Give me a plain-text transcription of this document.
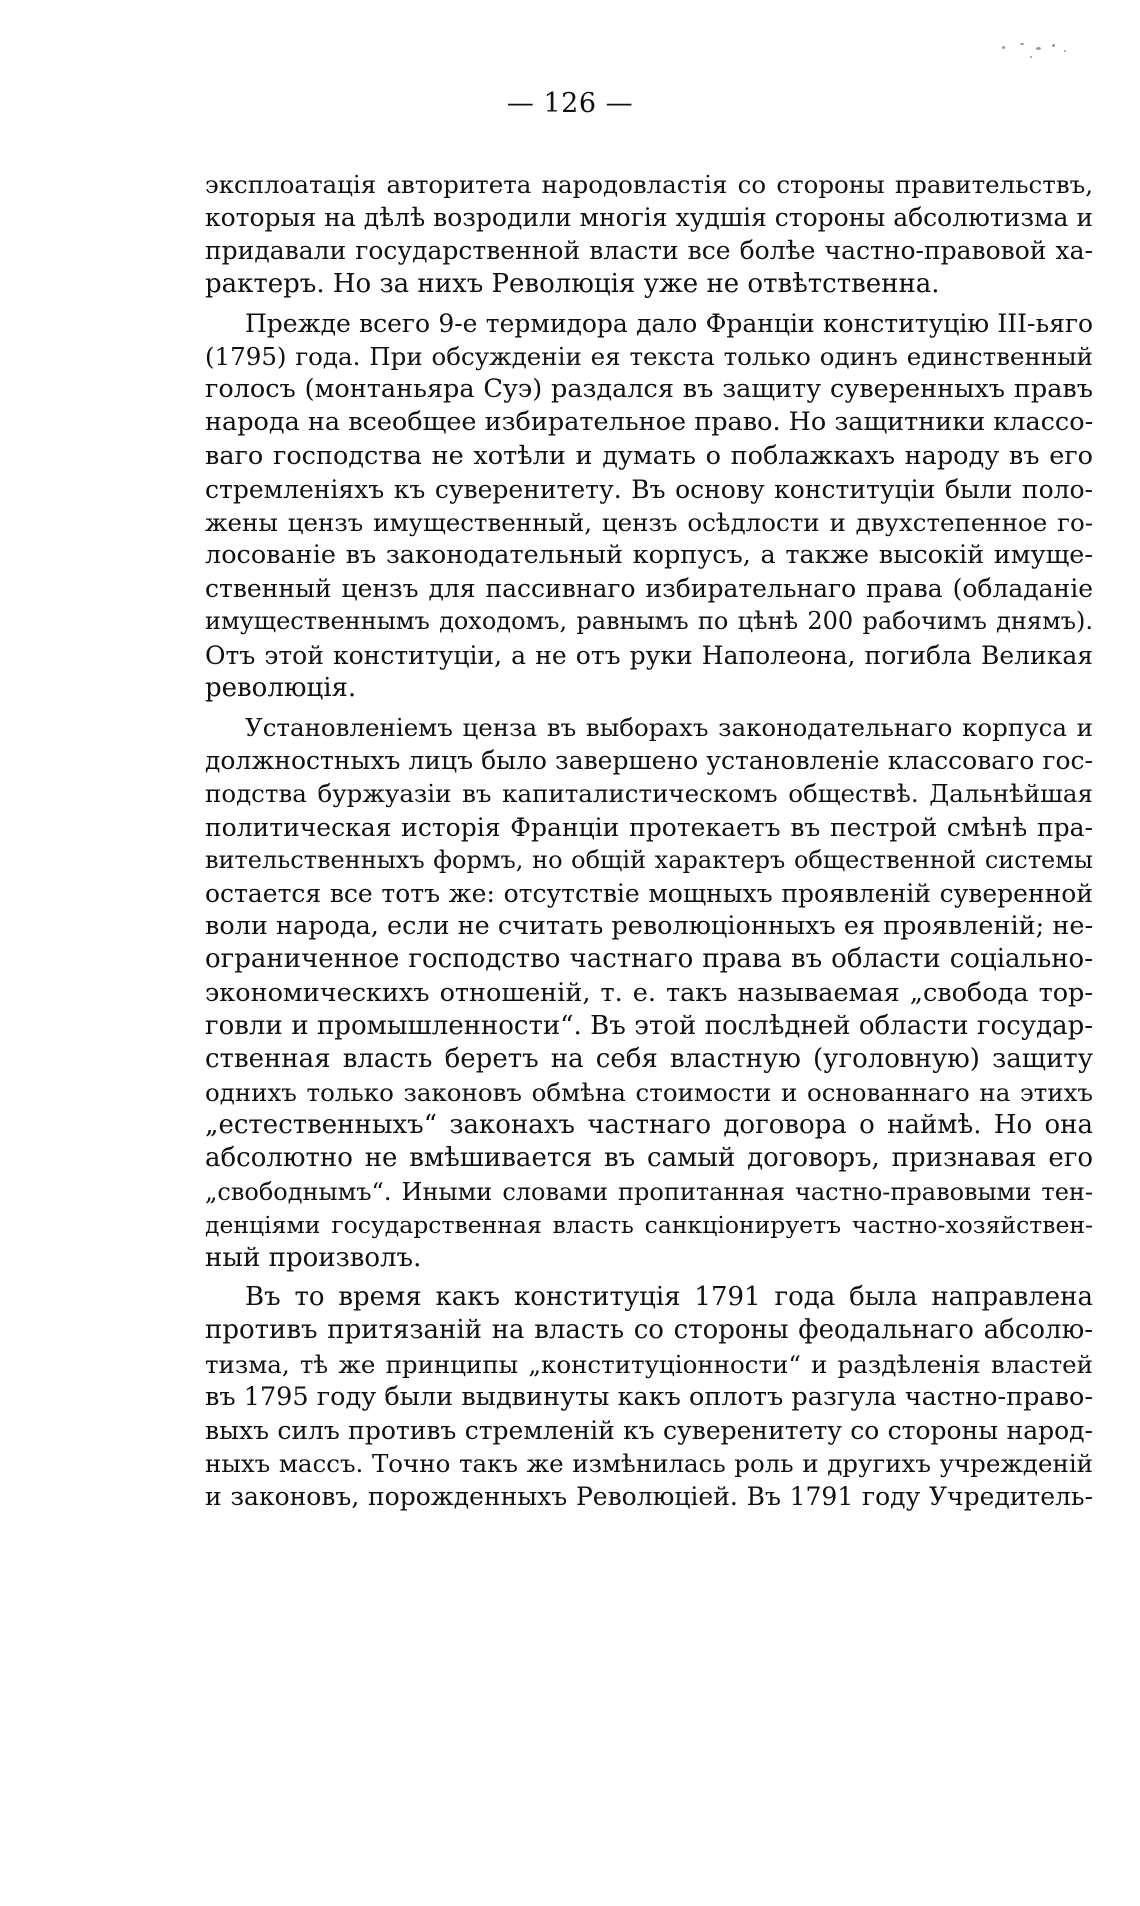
— 126 —
эксплоатація авторитета народовластія со стороны правительствъ,
которыя на дѣлѣ возродили многія худшія стороны абсолютизма и
придавали государственной власти все болѣе частно-правовой ха-
рактеръ. Но за нихъ Революція уже не отвѣтственна.
Прежде всего 9-е термидора дало Франціи конституцію III-ьяго
(1795) года. При обсужденіи ея текста только одинъ единственный
голосъ (монтаньяра Суэ) раздался въ защиту суверенныхъ правъ
народа на всеобщее избирательное право. Но защитники классо-
ваго господства не хотѣли и думать о поблажкахъ народу въ его
стремленіяхъ къ суверенитету. Въ основу конституціи были поло-
жены цензъ имущественный, цензъ осѣдлости и двухстепенное го-
лосованіе въ законодательный корпусъ, а также высокій имуще-
ственный цензъ для пассивнаго избирательнаго права (обладаніе
имущественнымъ доходомъ, равнымъ по цѣнѣ 200 рабочимъ днямъ).
Отъ этой конституціи, а не отъ руки Наполеона, погибла Великая
революція.
Установленіемъ ценза въ выборахъ законодательнаго корпуса и
должностныхъ лицъ было завершено установленіе классоваго гос-
подства буржуазіи въ капиталистическомъ обществѣ. Дальнѣйшая
политическая исторія Франціи протекаетъ въ пестрой смѣнѣ пра-
вительственныхъ формъ, но общій характеръ общественной системы
остается все тотъ же: отсутствіе мощныхъ проявленій суверенной
воли народа, если не считать революціонныхъ ея проявленій; не-
ограниченное господство частнаго права въ области соціально-
экономическихъ отношеній, т. е. такъ называемая „свобода тор-
говли и промышленности“. Въ этой послѣдней области государ-
ственная власть беретъ на себя властную (уголовную) защиту
однихъ только законовъ обмѣна стоимости и основаннаго на этихъ
„естественныхъ“ законахъ частнаго договора о наймѣ. Но она
абсолютно не вмѣшивается въ самый договоръ, признавая его
„свободнымъ“. Иными словами пропитанная частно-правовыми тен-
денціями государственная власть санкціонируетъ частно-хозяйствен-
ный произволъ.
Въ то время какъ конституція 1791 года была направлена
противъ притязаній на власть со стороны феодальнаго абсолю-
тизма, тѣ же принципы „конституціонности“ и раздѣленія властей
въ 1795 году были выдвинуты какъ оплотъ разгула частно-право-
выхъ силъ противъ стремленій къ суверенитету со стороны народ-
ныхъ массъ. Точно такъ же измѣнилась роль и другихъ учрежденій
и законовъ, порожденныхъ Революціей. Въ 1791 году Учредитель-
